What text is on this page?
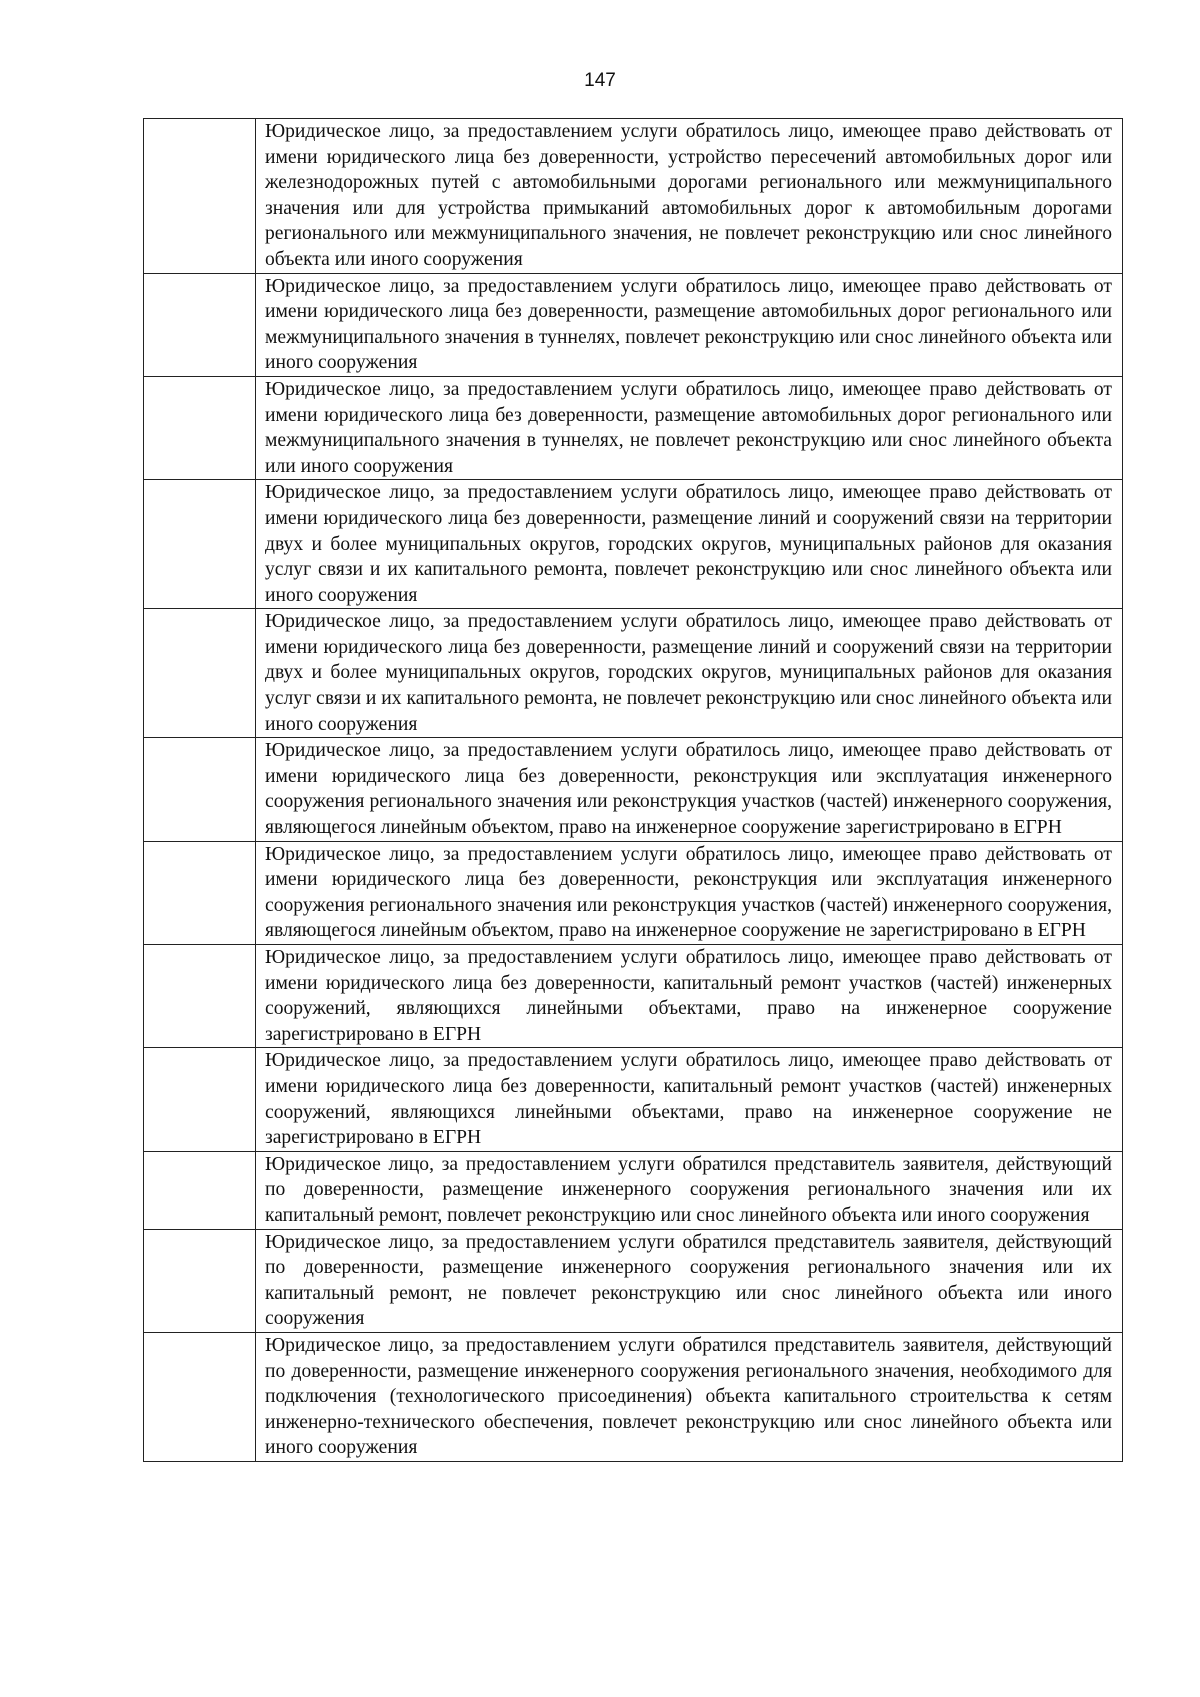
147
	Юридическое лицо, за предоставлением услуги обратилось лицо, имеющее право действовать от имени юридического лица без доверенности, устройство пересечений автомобильных дорог или железнодорожных путей с автомобильными дорогами регионального или межмуниципального значения или для устройства примыканий автомобильных дорог к автомобильным дорогами регионального или межмуниципального значения, не повлечет реконструкцию или снос линейного объекта или иного сооружения
	Юридическое лицо, за предоставлением услуги обратилось лицо, имеющее право действовать от имени юридического лица без доверенности, размещение автомобильных дорог регионального или межмуниципального значения в туннелях, повлечет реконструкцию или снос линейного объекта или иного сооружения
	Юридическое лицо, за предоставлением услуги обратилось лицо, имеющее право действовать от имени юридического лица без доверенности, размещение автомобильных дорог регионального или межмуниципального значения в туннелях, не повлечет реконструкцию или снос линейного объекта или иного сооружения
	Юридическое лицо, за предоставлением услуги обратилось лицо, имеющее право действовать от имени юридического лица без доверенности, размещение линий и сооружений связи на территории двух и более муниципальных округов, городских округов, муниципальных районов для оказания услуг связи и их капитального ремонта, повлечет реконструкцию или снос линейного объекта или иного сооружения
	Юридическое лицо, за предоставлением услуги обратилось лицо, имеющее право действовать от имени юридического лица без доверенности, размещение линий и сооружений связи на территории двух и более муниципальных округов, городских округов, муниципальных районов для оказания услуг связи и их капитального ремонта, не повлечет реконструкцию или снос линейного объекта или иного сооружения
	Юридическое лицо, за предоставлением услуги обратилось лицо, имеющее право действовать от имени юридического лица без доверенности, реконструкция или эксплуатация инженерного сооружения регионального значения или реконструкция участков (частей) инженерного сооружения, являющегося линейным объектом, право на инженерное сооружение зарегистрировано в ЕГРН
	Юридическое лицо, за предоставлением услуги обратилось лицо, имеющее право действовать от имени юридического лица без доверенности, реконструкция или эксплуатация инженерного сооружения регионального значения или реконструкция участков (частей) инженерного сооружения, являющегося линейным объектом, право на инженерное сооружение не зарегистрировано в ЕГРН
	Юридическое лицо, за предоставлением услуги обратилось лицо, имеющее право действовать от имени юридического лица без доверенности, капитальный ремонт участков (частей) инженерных сооружений, являющихся линейными объектами, право на инженерное сооружение зарегистрировано в ЕГРН
	Юридическое лицо, за предоставлением услуги обратилось лицо, имеющее право действовать от имени юридического лица без доверенности, капитальный ремонт участков (частей) инженерных сооружений, являющихся линейными объектами, право на инженерное сооружение не зарегистрировано в ЕГРН
	Юридическое лицо, за предоставлением услуги обратился представитель заявителя, действующий по доверенности, размещение инженерного сооружения регионального значения или их капитальный ремонт, повлечет реконструкцию или снос линейного объекта или иного сооружения
	Юридическое лицо, за предоставлением услуги обратился представитель заявителя, действующий по доверенности, размещение инженерного сооружения регионального значения или их капитальный ремонт, не повлечет реконструкцию или снос линейного объекта или иного сооружения
	Юридическое лицо, за предоставлением услуги обратился представитель заявителя, действующий по доверенности, размещение инженерного сооружения регионального значения, необходимого для подключения (технологического присоединения) объекта капитального строительства к сетям инженерно-технического обеспечения, повлечет реконструкцию или снос линейного объекта или иного сооружения
